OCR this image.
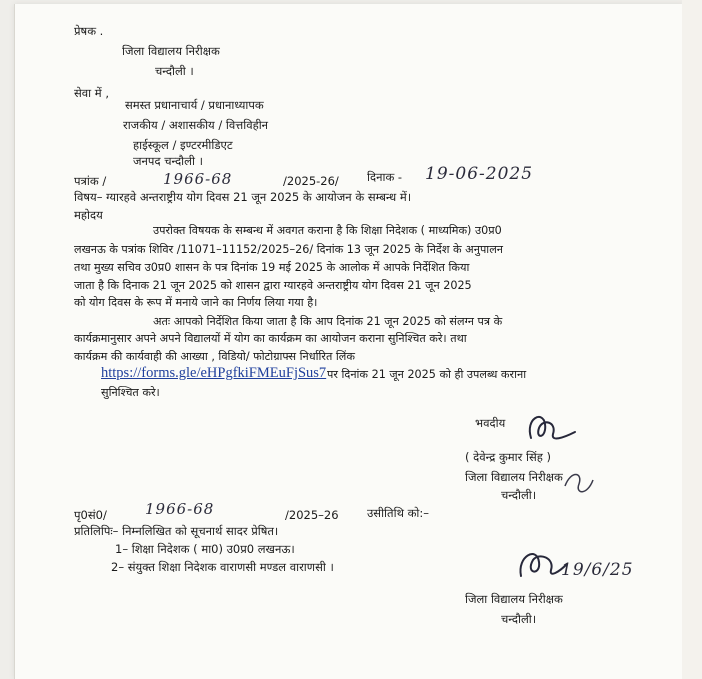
प्रेषक .
जिला विद्यालय निरीक्षक
चन्दौली ।
सेवा में ,
समस्त प्रधानाचार्य / प्रधानाध्यापक
राजकीय / अशासकीय / वित्तविहीन
हाईस्कूल / इण्टरमीडिएट
जनपद चन्दौली ।
पत्रांक /	1966-68	/2025-26/ दिनाक - 19-06-2025
विषय– ग्यारहवे अन्तराष्ट्रीय योग दिवस 21 जून 2025 के आयोजन के सम्बन्ध में।
महोदय
उपरोक्त विषयक के सम्बन्ध में अवगत कराना है कि शिक्षा निदेशक ( माध्यमिक) उ0प्र0
लखनऊ के पत्रांक शिविर /11071–11152/2025–26/ दिनांक 13 जून 2025 के निर्देश के अनुपालन
तथा मुख्य सचिव उ0प्र0 शासन के पत्र दिनांक 19 मई 2025 के आलोक में आपके निर्देशित किया
जाता है कि दिनाक 21 जून 2025 को शासन द्वारा ग्यारहवे अन्तराष्ट्रीय योग दिवस 21 जून 2025
को योग दिवस के रूप में मनाये जाने का निर्णय लिया गया है।
अतः आपको निर्देशित किया जाता है कि आप दिनांक 21 जून 2025 को संलग्न पत्र के
कार्यक्रमानुसार अपने अपने विद्यालयों में योग का कार्यक्रम का आयोजन कराना सुनिश्चित करे। तथा
कार्यक्रम की कार्यवाही की आख्या , विडियो/ फोटोग्राफ्स निर्धारित लिंक
https://forms.gle/eHPgfkiFMEuFjSus7 पर दिनांक 21 जून 2025 को ही उपलब्ध कराना
सुनिश्चित करे।
भवदीय
( देवेन्द्र कुमार सिंह )
जिला विद्यालय निरीक्षक
चन्दौली।
पृ0सं0/	1966-68	/2025–26 उसीतिथि को:–
प्रतिलिपिः– निम्नलिखित को सूचनार्थ सादर प्रेषित।
1– शिक्षा निदेशक ( मा0) उ0प्र0 लखनऊ।
2– संयुक्त शिक्षा निदेशक वाराणसी मण्डल वाराणसी ।	19/6/25
जिला विद्यालय निरीक्षक
चन्दौली।
